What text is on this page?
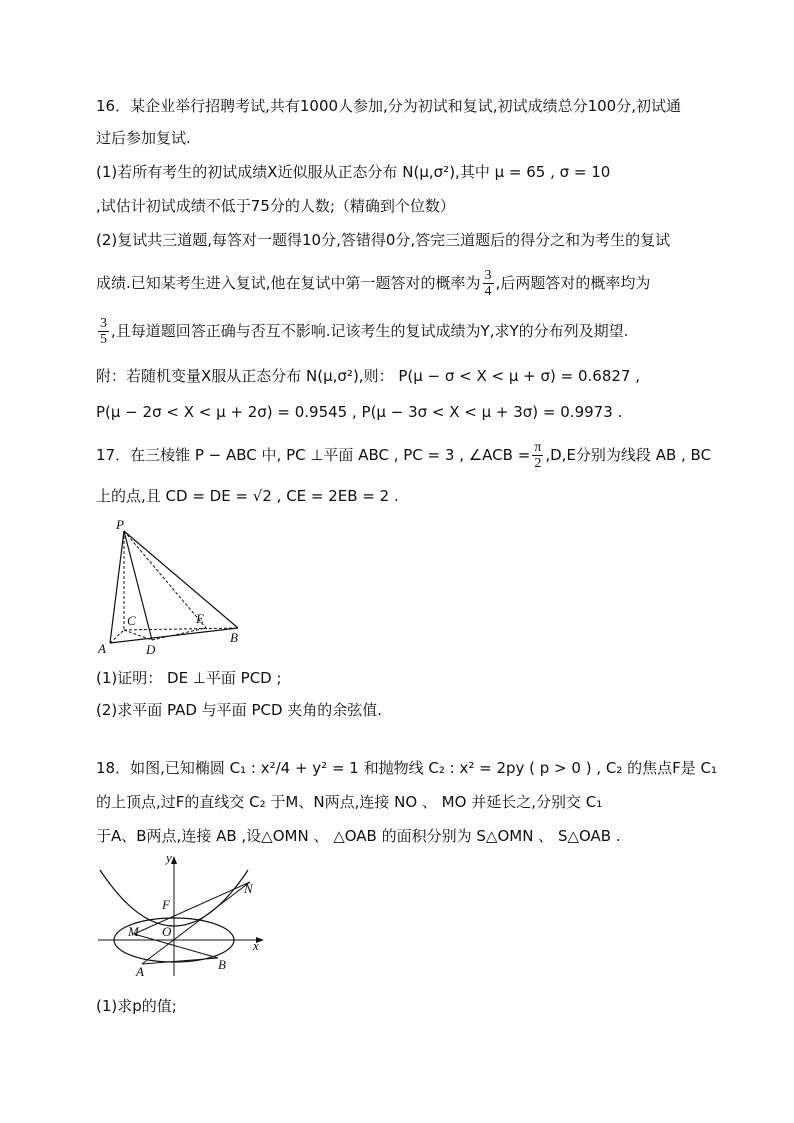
16．某企业举行招聘考试,共有1000人参加,分为初试和复试,初试成绩总分100分,初试通
过后参加复试.
(1)若所有考生的初试成绩X近似服从正态分布 N(μ,σ²),其中 μ = 65 , σ = 10
,试估计初试成绩不低于75分的人数;（精确到个位数）
(2)复试共三道题,每答对一题得10分,答错得0分,答完三道题后的得分之和为考生的复试
成绩.已知某考生进入复试,他在复试中第一题答对的概率为 $\frac{3}{4}$ ,后两题答对的概率均为
$\frac{3}{5}$ ,且每道题回答正确与否互不影响.记该考生的复试成绩为Y,求Y的分布列及期望.
附：若随机变量X服从正态分布 N(μ,σ²),则： P(μ − σ < X < μ + σ) = 0.6827 ,
P(μ − 2σ < X < μ + 2σ) = 0.9545 , P(μ − 3σ < X < μ + 3σ) = 0.9973 .
17．在三棱锥 P − ABC 中, PC ⊥平面 ABC , PC = 3 , ∠ACB = $\frac{\pi}{2} ,D,E$分别为线段 AB , BC
上的点,且 CD = DE = √2 , CE = 2EB = 2 .
P
A
C
D
E
B
(1)证明： DE ⊥平面 PCD ;
(2)求平面 PAD 与平面 PCD 夹角的余弦值.
18．如图,已知椭圆 C₁ : x²/4 + y² = 1 和抛物线 C₂ : x² = 2py ( p > 0 ) , C₂ 的焦点F是 C₁
的上顶点,过F的直线交 C₂ 于M、N两点,连接 NO 、 MO 并延长之,分别交 C₁
于A、B两点,连接 AB ,设△OMN 、 △OAB 的面积分别为 S△OMN 、 S△OAB .
y
x
F
M O
N
A	B
(1)求p的值;
